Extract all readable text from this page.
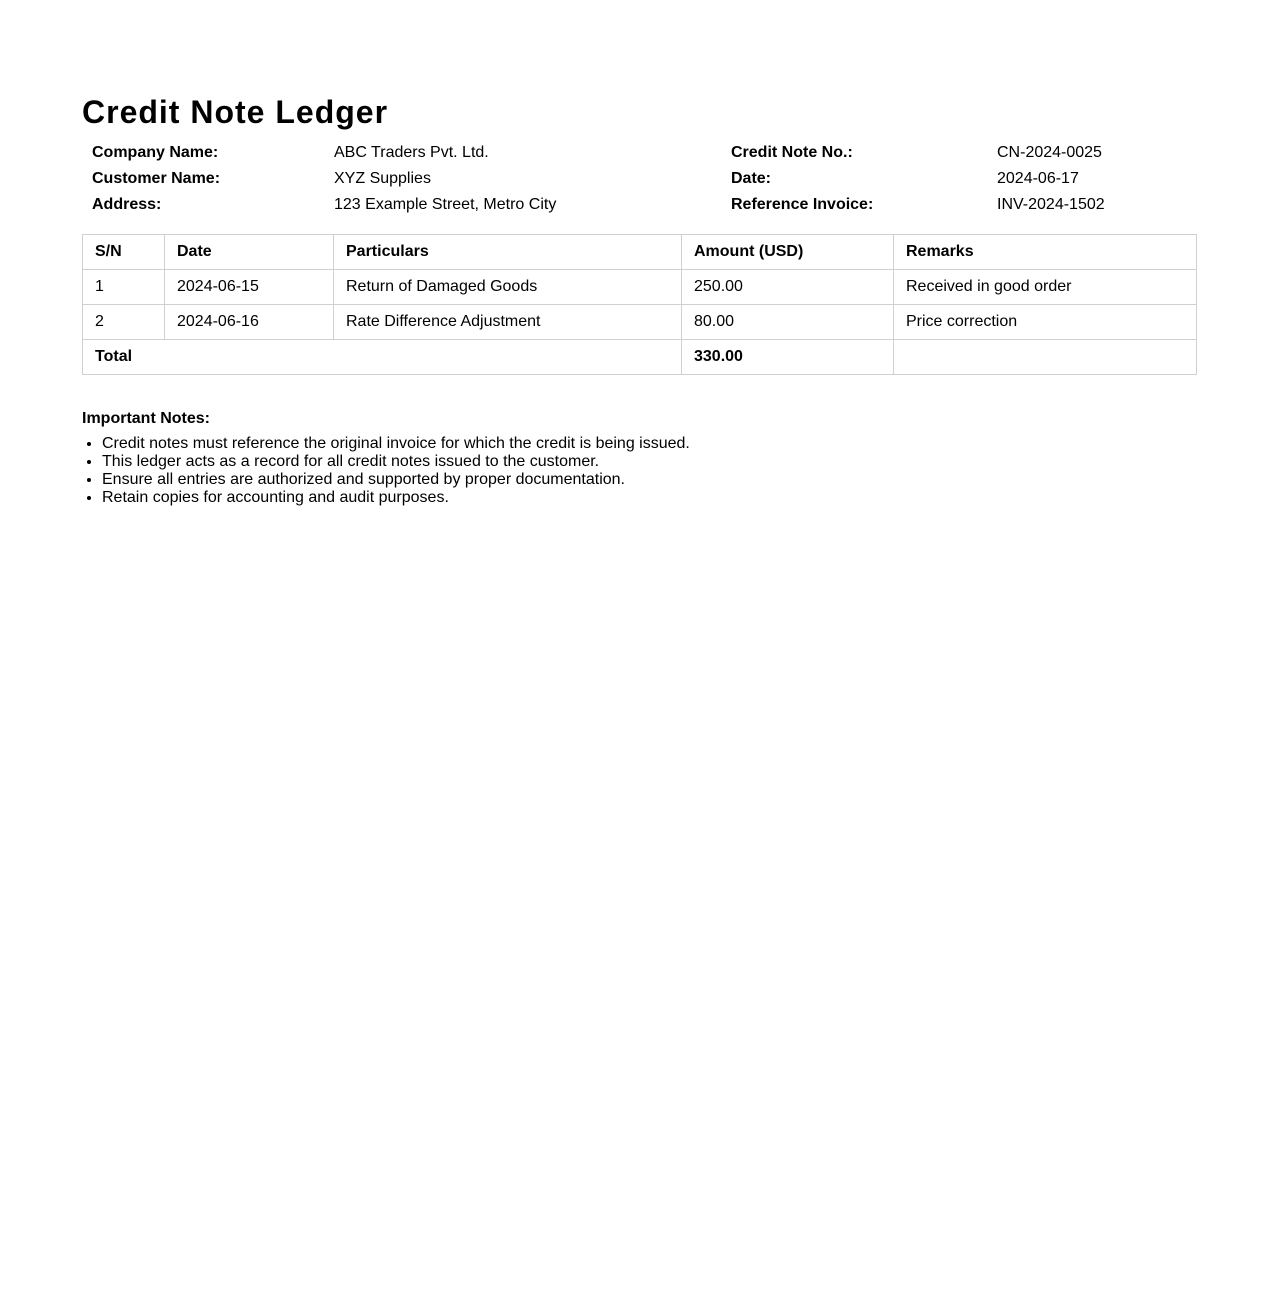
Credit Note Ledger
Company Name:	ABC Traders Pvt. Ltd.	Credit Note No.:	CN-2024-0025
Customer Name:	XYZ Supplies	Date:	2024-06-17
Address:	123 Example Street, Metro City	Reference Invoice:	INV-2024-1502
S/N	Date	Particulars	Amount (USD)	Remarks
1	2024-06-15	Return of Damaged Goods	250.00	Received in good order
2	2024-06-16	Rate Difference Adjustment	80.00	Price correction
Total			330.00	
Important Notes:
• Credit notes must reference the original invoice for which the credit is being issued.
• This ledger acts as a record for all credit notes issued to the customer.
• Ensure all entries are authorized and supported by proper documentation.
• Retain copies for accounting and audit purposes.
